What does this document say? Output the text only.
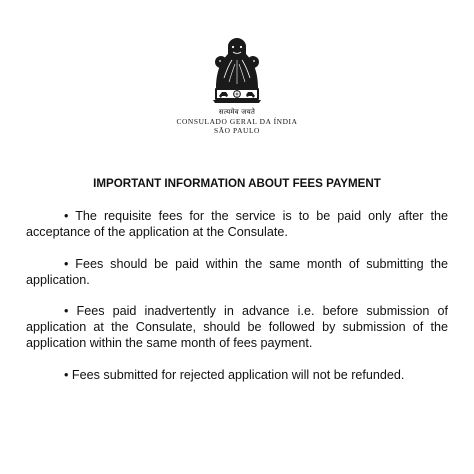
सत्यमेव जयते
CONSULADO GERAL DA ÍNDIA
SÃO PAULO
IMPORTANT INFORMATION ABOUT FEES PAYMENT
• The requisite fees for the service is to be paid only after the acceptance of the application at the Consulate.
• Fees should be paid within the same month of submitting the application.
• Fees paid inadvertently in advance i.e. before submission of application at the Consulate, should be followed by submission of the application within the same month of fees payment.
• Fees submitted for rejected application will not be refunded.
